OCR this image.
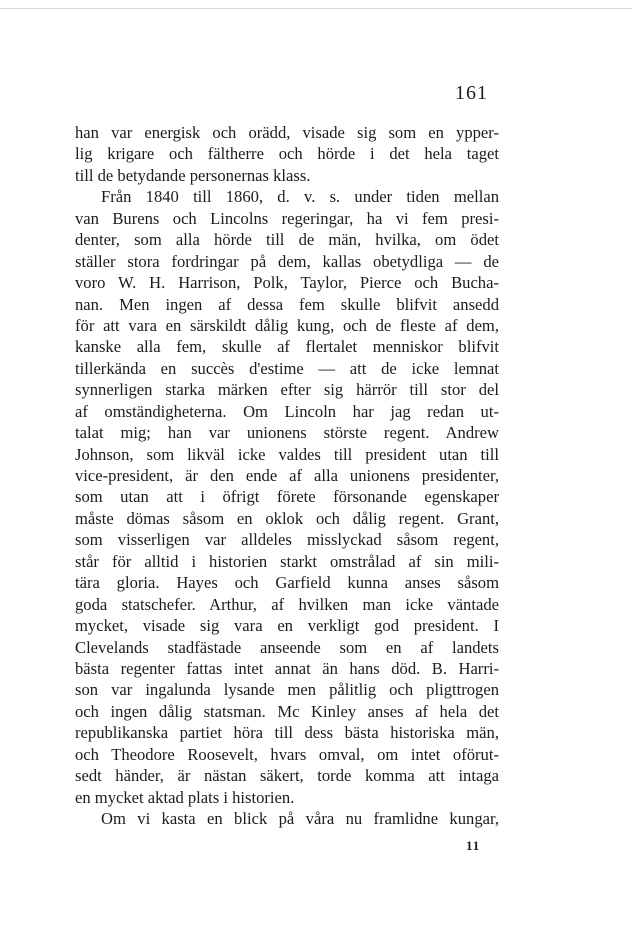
161
han var energisk och orädd, visade sig som en ypper-
lig krigare och fältherre och hörde i det hela taget
till de betydande personernas klass.
Från 1840 till 1860, d. v. s. under tiden mellan
van Burens och Lincolns regeringar, ha vi fem presi-
denter, som alla hörde till de män, hvilka, om ödet
ställer stora fordringar på dem, kallas obetydliga — de
voro W. H. Harrison, Polk, Taylor, Pierce och Bucha-
nan. Men ingen af dessa fem skulle blifvit ansedd
för att vara en särskildt dålig kung, och de fleste af dem,
kanske alla fem, skulle af flertalet menniskor blifvit
tillerkända en succès d'estime — att de icke lemnat
synnerligen starka märken efter sig härrör till stor del
af omständigheterna. Om Lincoln har jag redan ut-
talat mig; han var unionens störste regent. Andrew
Johnson, som likväl icke valdes till president utan till
vice-president, är den ende af alla unionens presidenter,
som utan att i öfrigt förete försonande egenskaper
måste dömas såsom en oklok och dålig regent. Grant,
som visserligen var alldeles misslyckad såsom regent,
står för alltid i historien starkt omstrålad af sin mili-
tära gloria. Hayes och Garfield kunna anses såsom
goda statschefer. Arthur, af hvilken man icke väntade
mycket, visade sig vara en verkligt god president. I
Clevelands stadfästade anseende som en af landets
bästa regenter fattas intet annat än hans död. B. Harri-
son var ingalunda lysande men pålitlig och pligttrogen
och ingen dålig statsman. Mc Kinley anses af hela det
republikanska partiet höra till dess bästa historiska män,
och Theodore Roosevelt, hvars omval, om intet oförut-
sedt händer, är nästan säkert, torde komma att intaga
en mycket aktad plats i historien.
Om vi kasta en blick på våra nu framlidne kungar,
11
